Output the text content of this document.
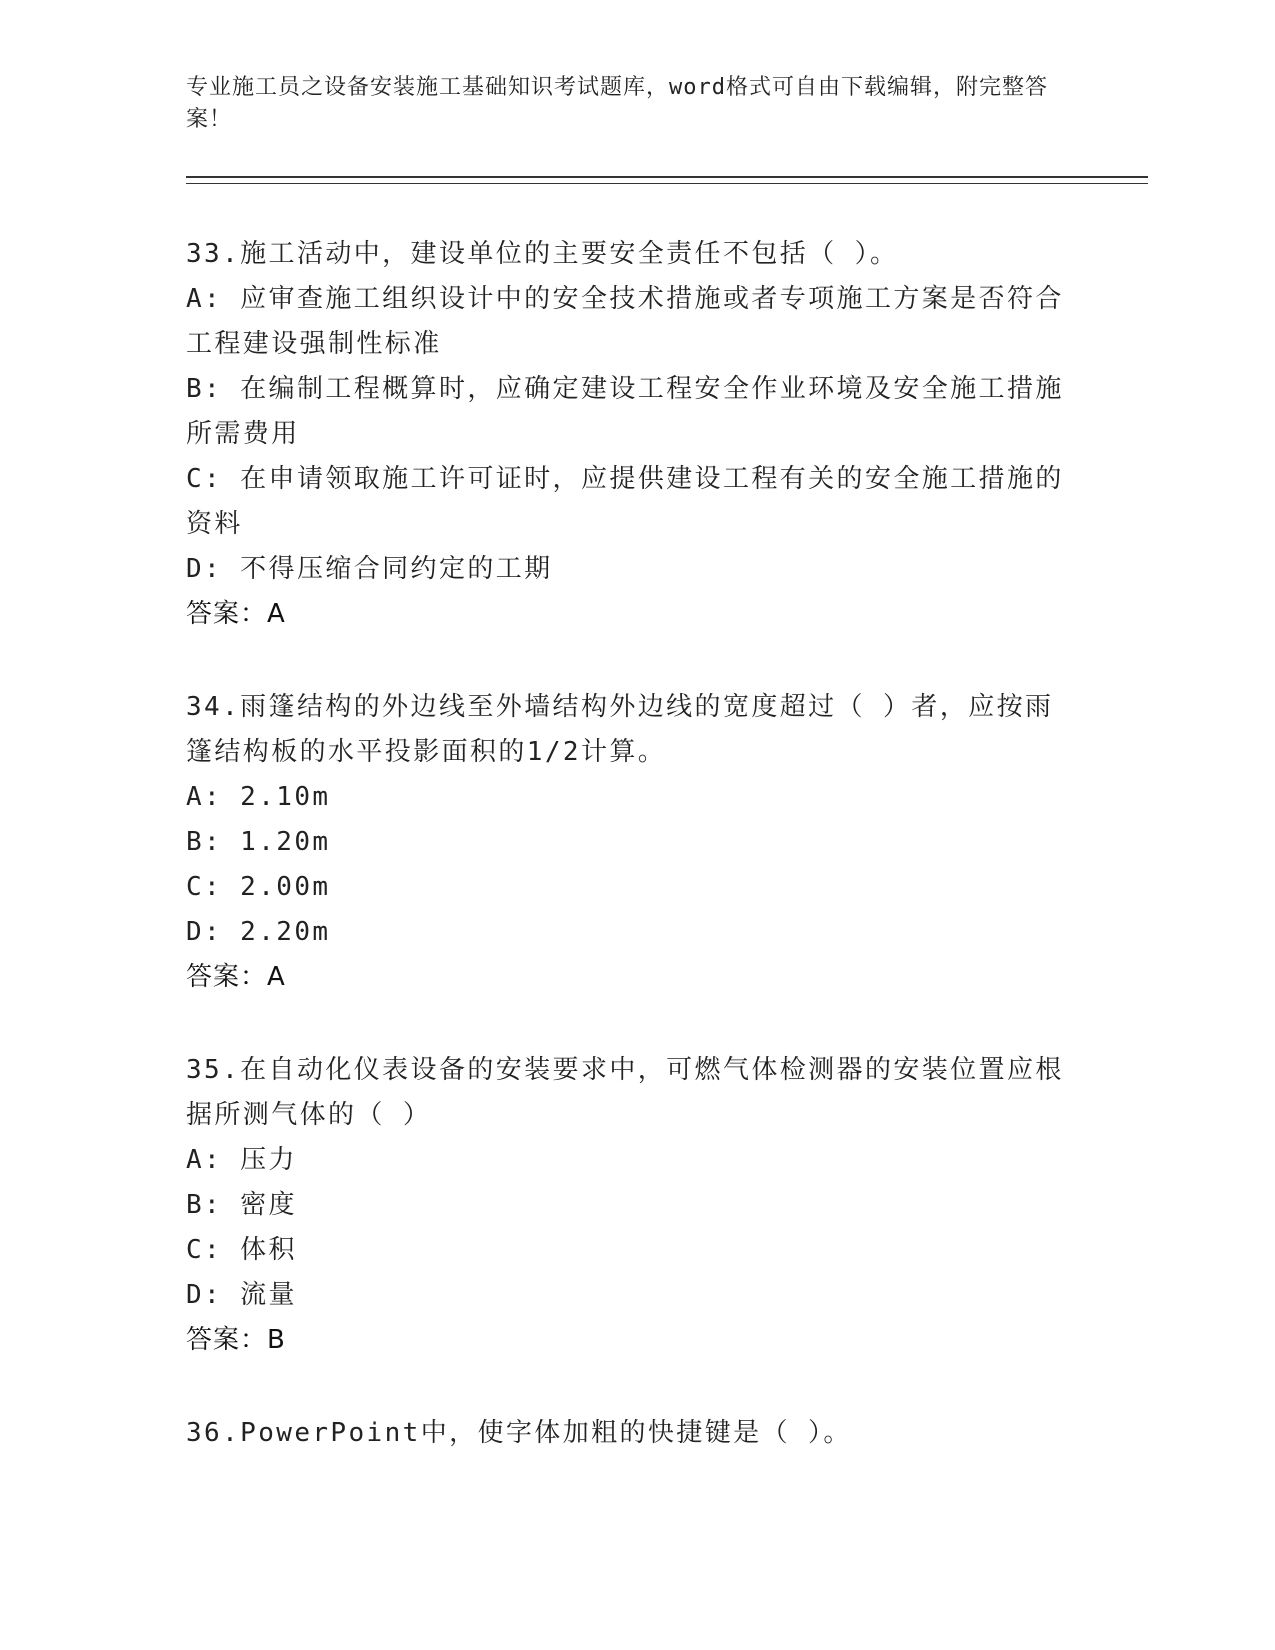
专业施工员之设备安装施工基础知识考试题库，word格式可自由下载编辑，附完整答案！
33.施工活动中，建设单位的主要安全责任不包括（ ）。
A: 应审查施工组织设计中的安全技术措施或者专项施工方案是否符合工程建设强制性标准
B: 在编制工程概算时，应确定建设工程安全作业环境及安全施工措施所需费用
C: 在申请领取施工许可证时，应提供建设工程有关的安全施工措施的资料
D: 不得压缩合同约定的工期
答案：A
34.雨篷结构的外边线至外墙结构外边线的宽度超过（ ）者，应按雨篷结构板的水平投影面积的1/2计算。
A: 2.10m
B: 1.20m
C: 2.00m
D: 2.20m
答案：A
35.在自动化仪表设备的安装要求中，可燃气体检测器的安装位置应根据所测气体的（ ）
A: 压力
B: 密度
C: 体积
D: 流量
答案：B
36.PowerPoint中，使字体加粗的快捷键是（ ）。
